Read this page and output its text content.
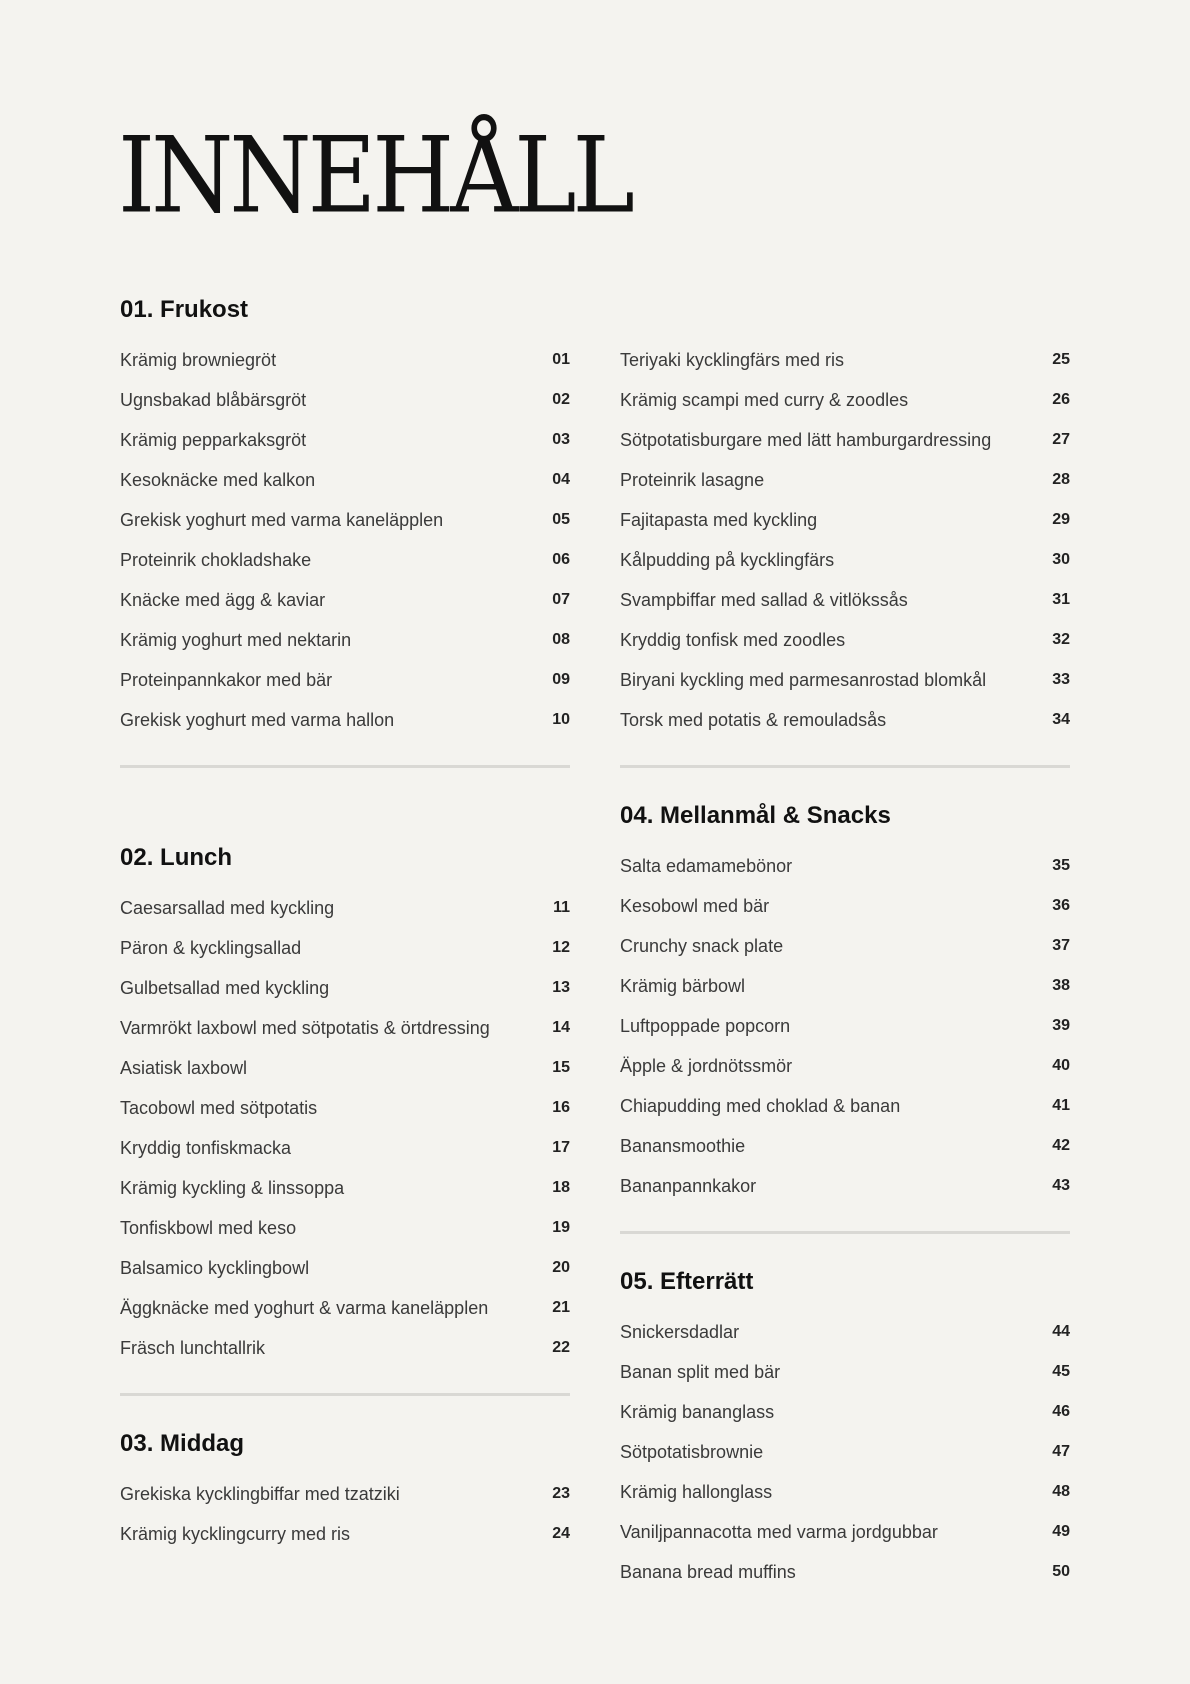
INNEHÅLL
01. Frukost
Krämig browniegröt	01
Ugnsbakad blåbärsgröt	02
Krämig pepparkaksgröt	03
Kesoknäcke med kalkon	04
Grekisk yoghurt med varma kaneläpplen	05
Proteinrik chokladshake	06
Knäcke med ägg & kaviar	07
Krämig yoghurt med nektarin	08
Proteinpannkakor med bär	09
Grekisk yoghurt med varma hallon	10
02. Lunch
Caesarsallad med kyckling	11
Päron & kycklingsallad	12
Gulbetsallad med kyckling	13
Varmrökt laxbowl med sötpotatis & örtdressing	14
Asiatisk laxbowl	15
Tacobowl med sötpotatis	16
Kryddig tonfiskmacka	17
Krämig kyckling & linssoppa	18
Tonfiskbowl med keso	19
Balsamico kycklingbowl	20
Äggknäcke med yoghurt & varma kaneläpplen	21
Fräsch lunchtallrik	22
03. Middag
Grekiska kycklingbiffar med tzatziki	23
Krämig kycklingcurry med ris	24
Teriyaki kycklingfärs med ris	25
Krämig scampi med curry & zoodles	26
Sötpotatisburgare med lätt hamburgardressing	27
Proteinrik lasagne	28
Fajitapasta med kyckling	29
Kålpudding på kycklingfärs	30
Svampbiffar med sallad & vitlökssås	31
Kryddig tonfisk med zoodles	32
Biryani kyckling med parmesanrostad blomkål	33
Torsk med potatis & remouladsås	34
04. Mellanmål & Snacks
Salta edamamebönor	35
Kesobowl med bär	36
Crunchy snack plate	37
Krämig bärbowl	38
Luftpoppade popcorn	39
Äpple & jordnötssmör	40
Chiapudding med choklad & banan	41
Banansmoothie	42
Bananpannkakor	43
05. Efterrätt
Snickersdadlar	44
Banan split med bär	45
Krämig bananglass	46
Sötpotatisbrownie	47
Krämig hallonglass	48
Vaniljpannacotta med varma jordgubbar	49
Banana bread muffins	50
